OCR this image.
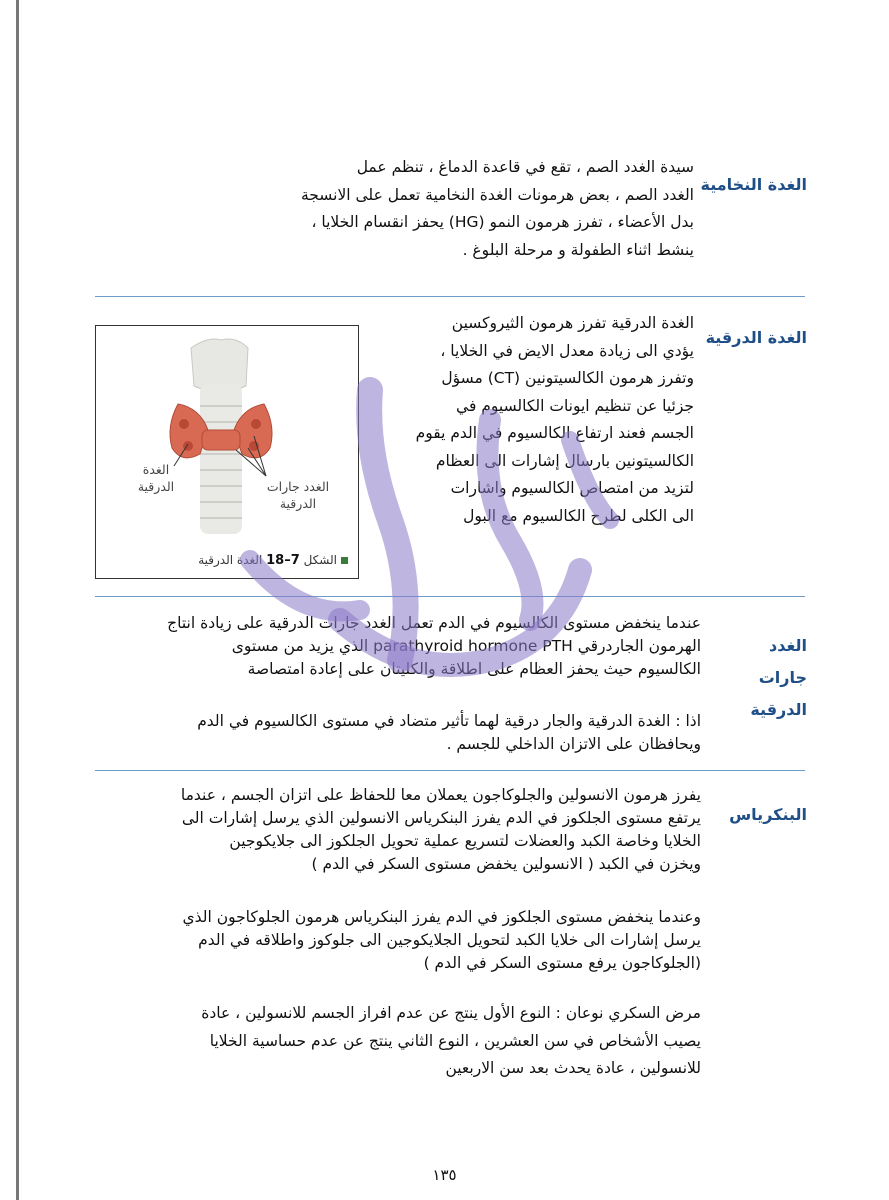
الغدة النخامية
سيدة الغدد الصم ، تقع في قاعدة الدماغ ، تنظم عمل
الغدد الصم ، بعض هرمونات الغدة النخامية تعمل على الانسجة
بدل الأعضاء ، تفرز هرمون النمو (HG) يحفز انقسام الخلايا ،
ينشط اثناء الطفولة و مرحلة البلوغ .
الغدة الدرقية
الغدة الدرقية تفرز هرمون الثيروكسين
يؤدي الى زيادة معدل الايض في الخلايا ،
وتفرز هرمون الكالسيتونين (CT) مسؤل
جزئيا عن تنظيم ايونات الكالسيوم في
الجسم فعند ارتفاع الكالسيوم في الدم يقوم
الكالسيتونين بارسال إشارات الى العظام
لتزيد من امتصاص الكالسيوم واشارات
الى الكلى لطرح الكالسيوم مع البول
الغدة الدرقية	الغدد جارات الدرقية
الشكل 7–18 الغدة الدرقية
الغدد جارات الدرقية
عندما ينخفض مستوى الكالسيوم في الدم تعمل الغدد جارات الدرقية على زيادة انتاج
الهرمون الجاردرقي parathyroid hormone PTH الذي يزيد من مستوى
الكالسيوم حيث يحفز العظام على اطلاقة والكليتان على إعادة امتصاصة
اذا : الغدة الدرقية والجار درقية لهما تأثير متضاد في مستوى الكالسيوم في الدم
ويحافظان على الاتزان الداخلي للجسم .
البنكرياس
يفرز هرمون الانسولين والجلوكاجون يعملان معا للحفاظ على اتزان الجسم ، عندما
يرتفع مستوى الجلكوز في الدم يفرز البنكرياس الانسولين الذي يرسل إشارات الى
الخلايا وخاصة الكبد والعضلات لتسريع عملية تحويل الجلكوز الى جلايكوجين
ويخزن في الكبد ( الانسولين يخفض مستوى السكر في الدم )
وعندما ينخفض مستوى الجلكوز في الدم يفرز البنكرياس هرمون الجلوكاجون الذي
يرسل إشارات الى خلايا الكبد لتحويل الجلايكوجين الى جلوكوز واطلاقه في الدم
(الجلوكاجون يرفع مستوى السكر في الدم )
مرض السكري نوعان : النوع الأول ينتج عن عدم افراز الجسم للانسولين ، عادة
يصيب الأشخاص في سن العشرين ، النوع الثاني ينتج عن عدم حساسية الخلايا
للانسولين ، عادة يحدث بعد سن الاربعين
١٣٥
